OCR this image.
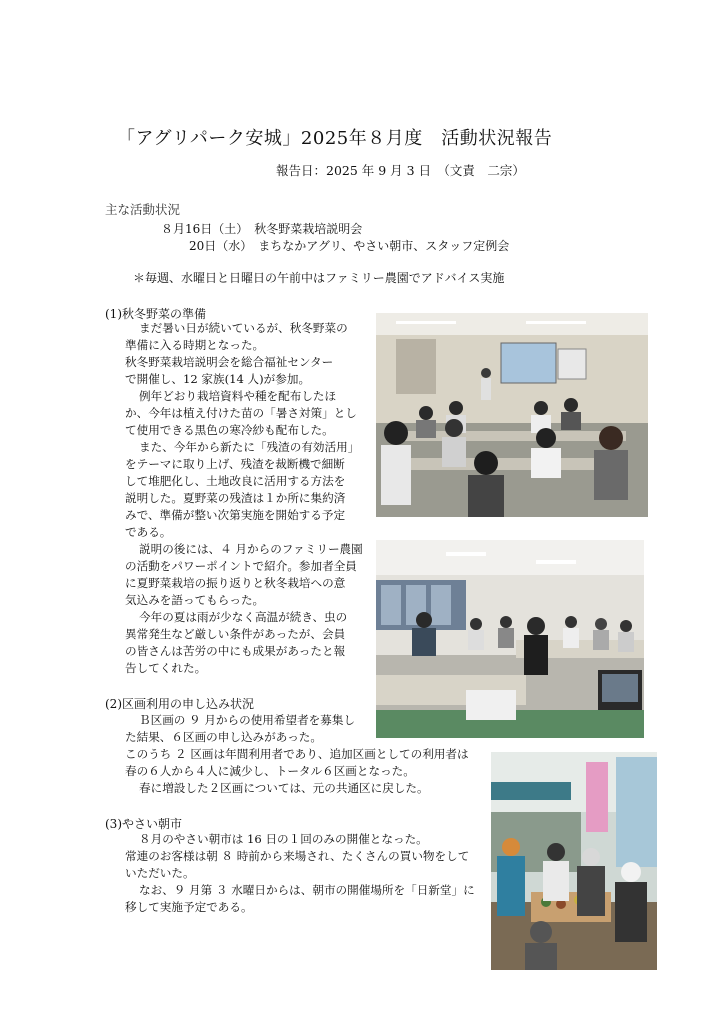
「アグリパーク安城」2025年８月度　活動状況報告
報告日：2025 年 9 月 3 日　（文責　二宗）
主な活動状況
８月16日（土）　秋冬野菜栽培説明会
20日（水）　まちなかアグリ、やさい朝市、スタッフ定例会
＊毎週、水曜日と日曜日の午前中はファミリー農園でアドバイス実施
(1)秋冬野菜の準備
まだ暑い日が続いているが、秋冬野菜の
準備に入る時期となった。
秋冬野菜栽培説明会を総合福祉センター
で開催し、12 家族(14 人)が参加。
例年どおり栽培資料や種を配布したほ
か、今年は植え付けた苗の「暑さ対策」とし
て使用できる黒色の寒冷紗も配布した。
また、今年から新たに「残渣の有効活用」
をテーマに取り上げ、残渣を裁断機で細断
して堆肥化し、土地改良に活用する方法を
説明した。夏野菜の残渣は１か所に集約済
みで、準備が整い次第実施を開始する予定
である。
説明の後には、４ 月からのファミリー農園
の活動をパワーポイントで紹介。参加者全員
に夏野菜栽培の振り返りと秋冬栽培への意
気込みを語ってもらった。
今年の夏は雨が少なく高温が続き、虫の
異常発生など厳しい条件があったが、会員
の皆さんは苦労の中にも成果があったと報
告してくれた。
(2)区画利用の申し込み状況
Ｂ区画の ９ 月からの使用希望者を募集し
た結果、６区画の申し込みがあった。
このうち ２ 区画は年間利用者であり、追加区画としての利用者は
春の６人から４人に減少し、トータル６区画となった。
春に増設した２区画については、元の共通区に戻した。
(3)やさい朝市
８月のやさい朝市は 16 日の１回のみの開催となった。
常連のお客様は朝 ８ 時前から来場され、たくさんの買い物をして
いただいた。
なお、９ 月第 ３ 水曜日からは、朝市の開催場所を「日新堂」に
移して実施予定である。
